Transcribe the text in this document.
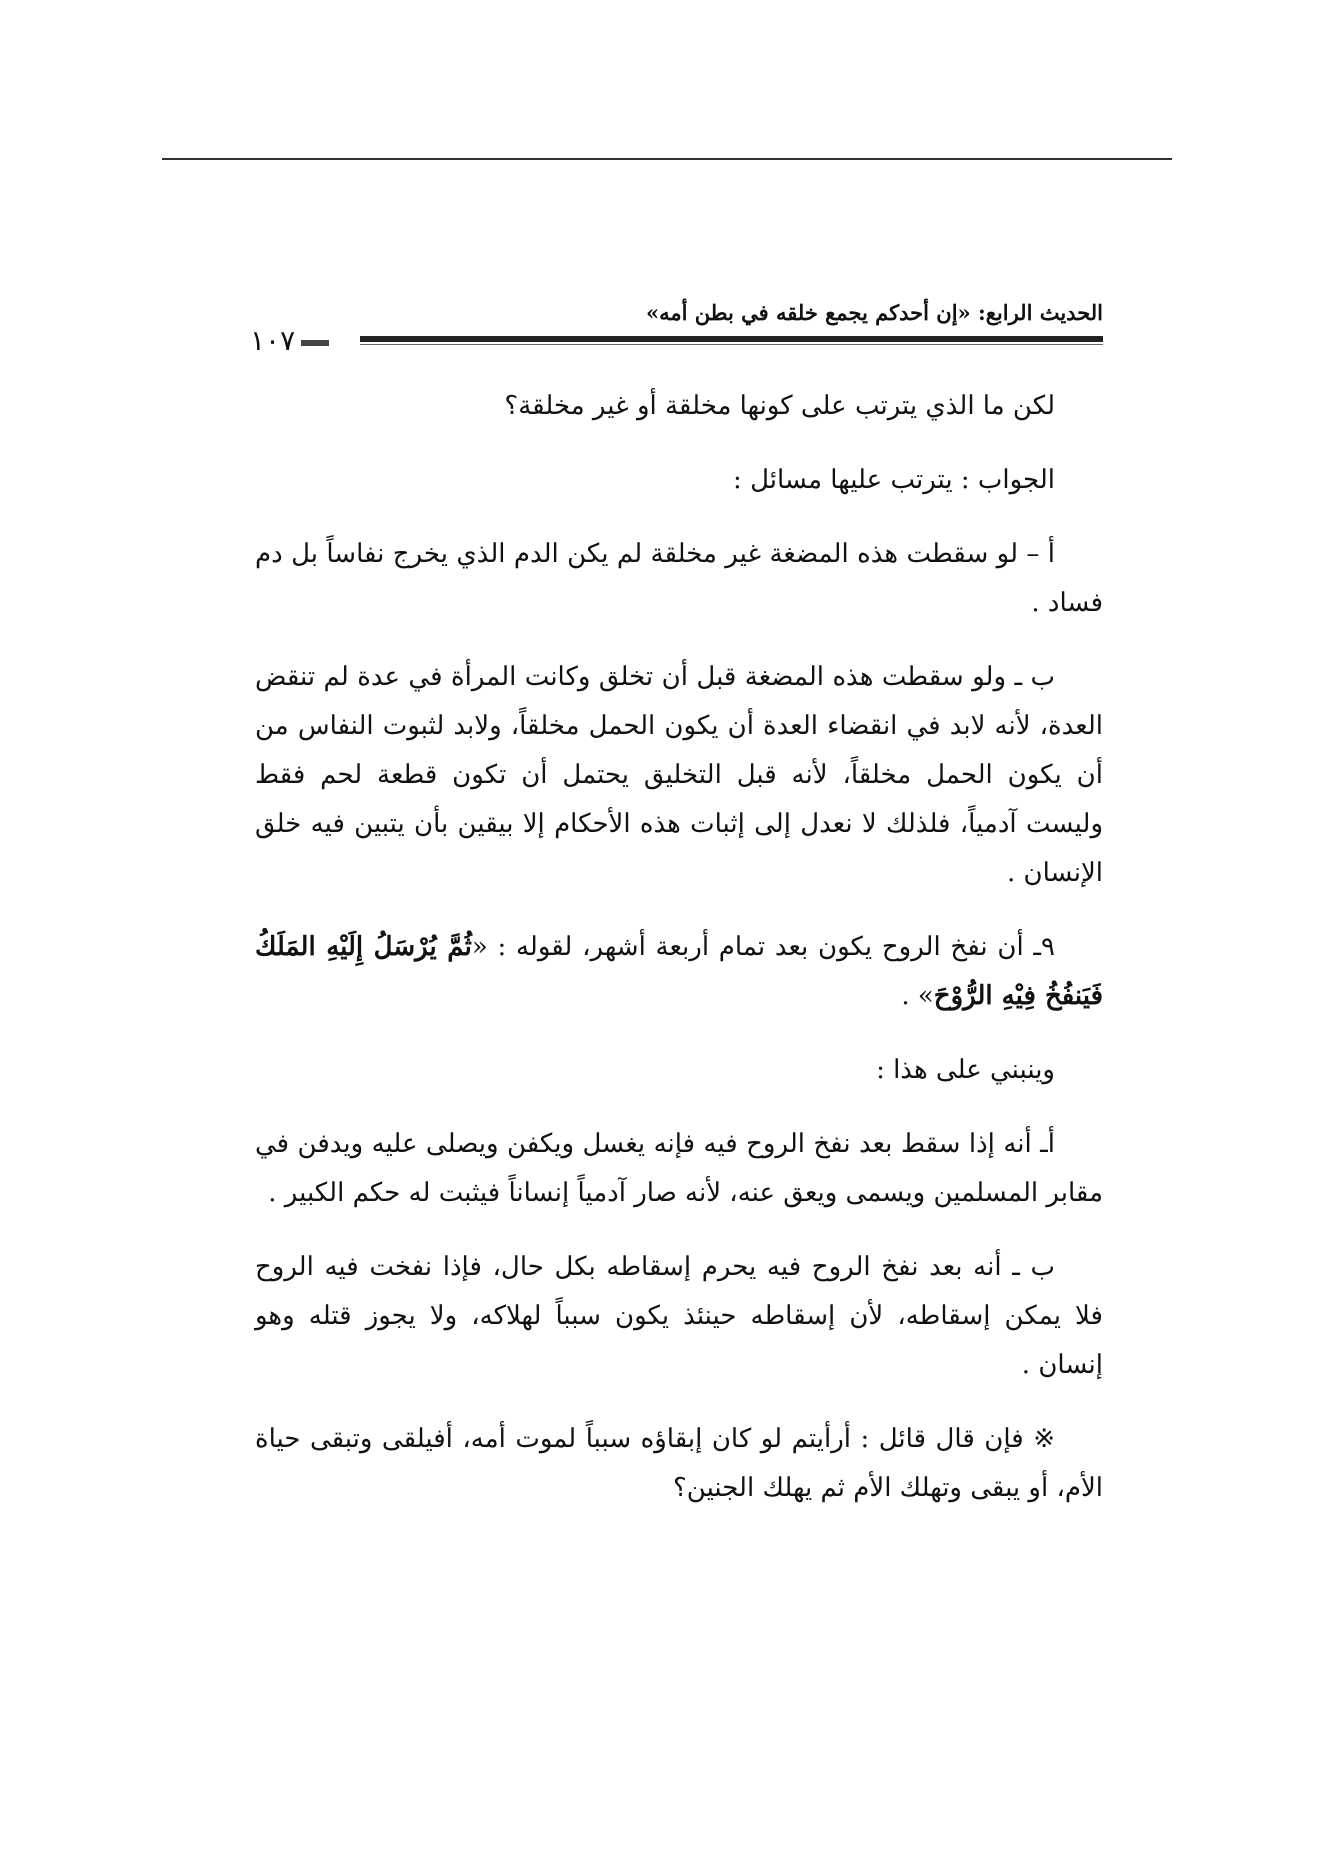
الحديث الرابع: «إن أحدكم يجمع خلقه في بطن أمه»
١٠٧

لكن ما الذي يترتب على كونها مخلقة أو غير مخلقة؟

الجواب : يترتب عليها مسائل :

أ – لو سقطت هذه المضغة غير مخلقة لم يكن الدم الذي يخرج نفاساً بل دم فساد .

ب ـ ولو سقطت هذه المضغة قبل أن تخلق وكانت المرأة في عدة لم تنقض العدة، لأنه لابد في انقضاء العدة أن يكون الحمل مخلقاً، ولابد لثبوت النفاس من أن يكون الحمل مخلقاً، لأنه قبل التخليق يحتمل أن تكون قطعة لحم فقط وليست آدمياً، فلذلك لا نعدل إلى إثبات هذه الأحكام إلا بيقين بأن يتبين فيه خلق الإنسان .

٩ـ أن نفخ الروح يكون بعد تمام أربعة أشهر، لقوله : «ثُمَّ يُرْسَلُ إِلَيْهِ المَلَكُ فَيَنفُخُ فِيْهِ الرُّوْحَ» .

وينبني على هذا :

أـ أنه إذا سقط بعد نفخ الروح فيه فإنه يغسل ويكفن ويصلى عليه ويدفن في مقابر المسلمين ويسمى ويعق عنه، لأنه صار آدمياً إنساناً فيثبت له حكم الكبير .

ب ـ أنه بعد نفخ الروح فيه يحرم إسقاطه بكل حال، فإذا نفخت فيه الروح فلا يمكن إسقاطه، لأن إسقاطه حينئذ يكون سبباً لهلاكه، ولا يجوز قتله وهو إنسان .

※ فإن قال قائل : أرأيتم لو كان إبقاؤه سبباً لموت أمه، أفيلقى وتبقى حياة الأم، أو يبقى وتهلك الأم ثم يهلك الجنين؟
